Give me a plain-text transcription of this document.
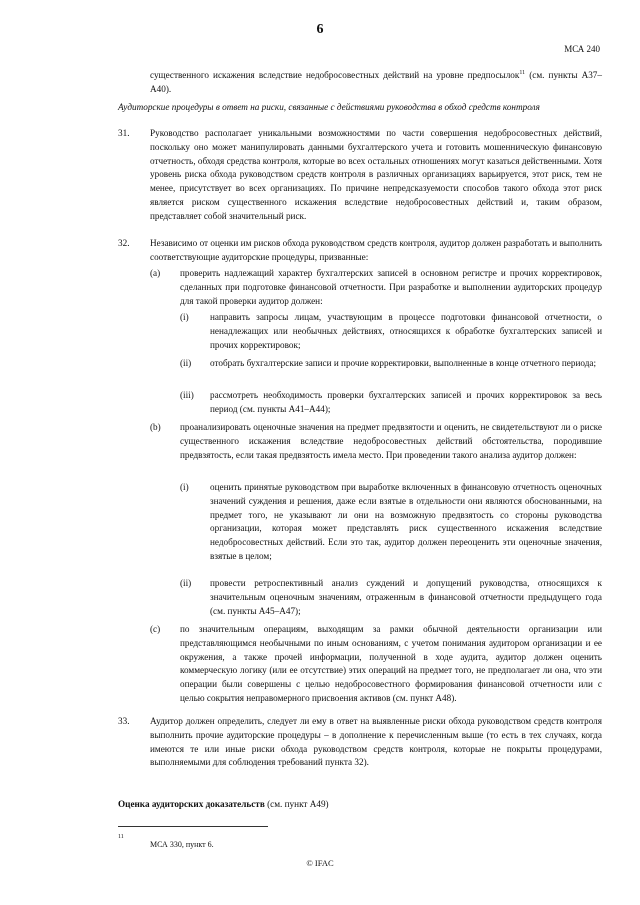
6
МСА 240
существенного искажения вследствие недобросовестных действий на уровне предпосылок$^{11}$ (см. пункты А37–А40).
Аудиторские процедуры в ответ на риски, связанные с действиями руководства в обход средств контроля
31. Руководство располагает уникальными возможностями по части совершения недобросовестных действий, поскольку оно может манипулировать данными бухгалтерского учета и готовить мошенническую финансовую отчетность, обходя средства контроля, которые во всех остальных отношениях могут казаться действенными. Хотя уровень риска обхода руководством средств контроля в различных организациях варьируется, этот риск, тем не менее, присутствует во всех организациях. По причине непредсказуемости способов такого обхода этот риск является риском существенного искажения вследствие недобросовестных действий и, таким образом, представляет собой значительный риск.
32. Независимо от оценки им рисков обхода руководством средств контроля, аудитор должен разработать и выполнить соответствующие аудиторские процедуры, призванные:
(a) проверить надлежащий характер бухгалтерских записей в основном регистре и прочих корректировок, сделанных при подготовке финансовой отчетности. При разработке и выполнении аудиторских процедур для такой проверки аудитор должен:
(i) направить запросы лицам, участвующим в процессе подготовки финансовой отчетности, о ненадлежащих или необычных действиях, относящихся к обработке бухгалтерских записей и прочих корректировок;
(ii) отобрать бухгалтерские записи и прочие корректировки, выполненные в конце отчетного периода;
(iii) рассмотреть необходимость проверки бухгалтерских записей и прочих корректировок за весь период (см. пункты А41–А44);
(b) проанализировать оценочные значения на предмет предвзятости и оценить, не свидетельствуют ли о риске существенного искажения вследствие недобросовестных действий обстоятельства, породившие предвзятость, если такая предвзятость имела место. При проведении такого анализа аудитор должен:
(i) оценить принятые руководством при выработке включенных в финансовую отчетность оценочных значений суждения и решения, даже если взятые в отдельности они являются обоснованными, на предмет того, не указывают ли они на возможную предвзятость со стороны руководства организации, которая может представлять риск существенного искажения вследствие недобросовестных действий. Если это так, аудитор должен переоценить эти оценочные значения, взятые в целом;
(ii) провести ретроспективный анализ суждений и допущений руководства, относящихся к значительным оценочным значениям, отраженным в финансовой отчетности предыдущего года (см. пункты А45–А47);
(c) по значительным операциям, выходящим за рамки обычной деятельности организации или представляющимся необычными по иным основаниям, с учетом понимания аудитором организации и ее окружения, а также прочей информации, полученной в ходе аудита, аудитор должен оценить коммерческую логику (или ее отсутствие) этих операций на предмет того, не предполагает ли она, что эти операции были совершены с целью недобросовестного формирования финансовой отчетности или с целью сокрытия неправомерного присвоения активов (см. пункт А48).
33. Аудитор должен определить, следует ли ему в ответ на выявленные риски обхода руководством средств контроля выполнить прочие аудиторские процедуры – в дополнение к перечисленным выше (то есть в тех случаях, когда имеются те или иные риски обхода руководством средств контроля, которые не покрыты процедурами, выполняемыми для соблюдения требований пункта 32).
Оценка аудиторских доказательств (см. пункт А49)
11
МСА 330, пункт 6.
© IFAC
